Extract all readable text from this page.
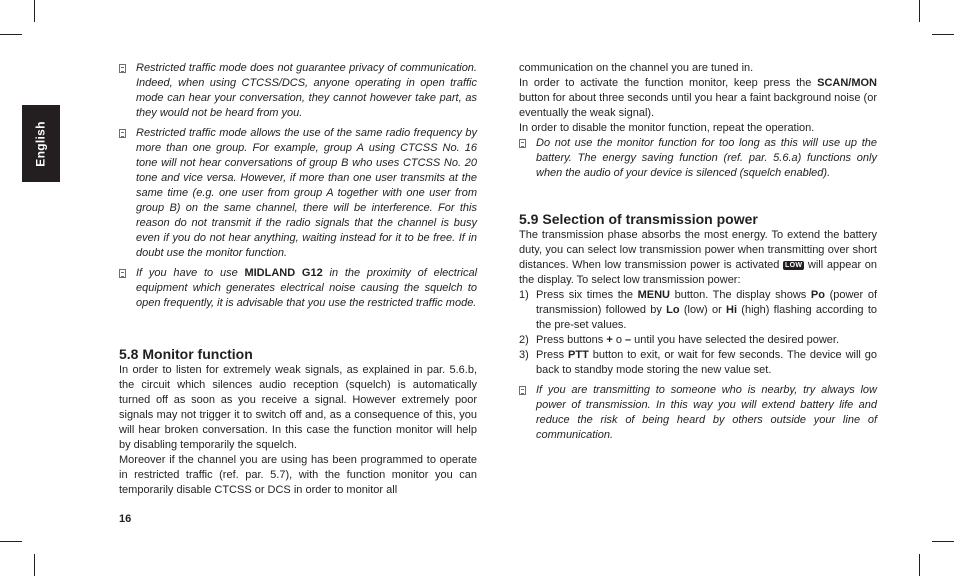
English
Restricted traffic mode does not guarantee privacy of communication. Indeed, when using CTCSS/DCS, anyone operating in open traffic mode can hear your conversation, they cannot however take part, as they would not be heard from you.
Restricted traffic mode allows the use of the same radio frequency by more than one group. For example, group A using CTCSS No. 16 tone will not hear conversations of group B who uses CTCSS No. 20 tone and vice versa. However, if more than one user transmits at the same time (e.g. one user from group A together with one user from group B) on the same channel, there will be interference. For this reason do not transmit if the radio signals that the channel is busy even if you do not hear anything, waiting instead for it to be free. If in doubt use the monitor function.
If you have to use MIDLAND G12 in the proximity of electrical equipment which generates electrical noise causing the squelch to open frequently, it is advisable that you use the restricted traffic mode.
5.8 Monitor function

In order to listen for extremely weak signals, as explained in par. 5.6.b, the circuit which silences audio reception (squelch) is automatically turned off as soon as you receive a signal. However extremely poor signals may not trigger it to switch off and, as a consequence of this, you will hear broken conversation. In this case the function monitor will help by disabling temporarily the squelch.

Moreover if the channel you are using has been programmed to operate in restricted traffic (ref. par. 5.7), with the function monitor you can temporarily disable CTCSS or DCS in order to monitor all

communication on the channel you are tuned in.

In order to activate the function monitor, keep press the SCAN/MON button for about three seconds until you hear a faint background noise (or eventually the weak signal).

In order to disable the monitor function, repeat the operation.

Do not use the monitor function for too long as this will use up the battery. The energy saving function (ref. par. 5.6.a) functions only when the audio of your device is silenced (squelch enabled).
5.9 Selection of transmission power

The transmission phase absorbs the most energy. To extend the battery duty, you can select low transmission power when transmitting over short distances. When low transmission power is activated LOW will appear on the display. To select low transmission power:

1) Press six times the MENU button. The display shows Po (power of transmission) followed by Lo (low) or Hi (high) flashing according to the pre-set values.
2) Press buttons + o – until you have selected the desired power.
3) Press PTT button to exit, or wait for few seconds. The device will go back to standby mode storing the new value set.
If you are transmitting to someone who is nearby, try always low power of transmission. In this way you will extend battery life and reduce the risk of being heard by others outside your line of communication.
16
